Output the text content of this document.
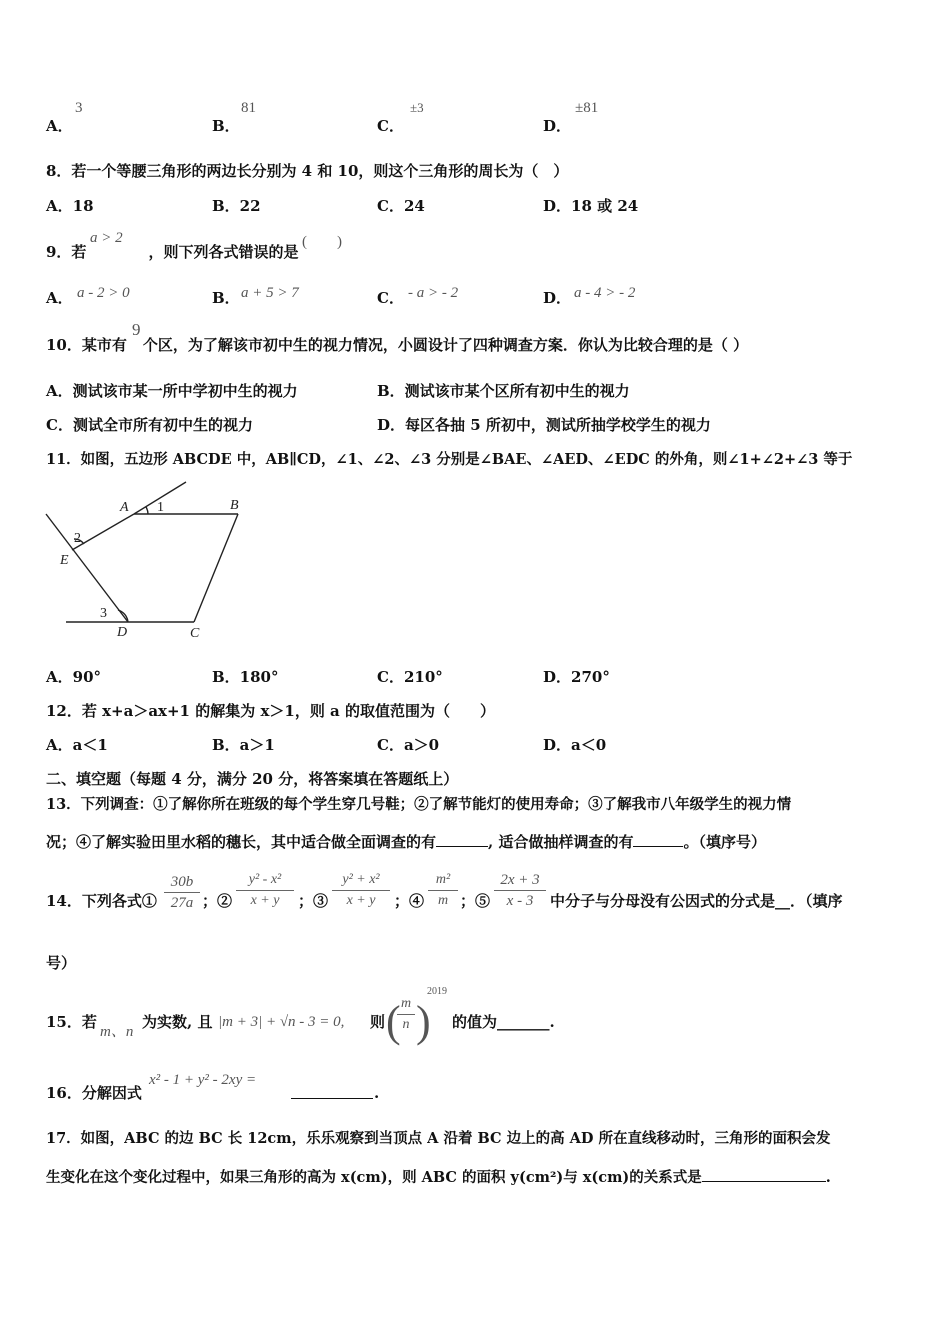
A．
3
B．
81
C．
±3
D．
±81
8．若一个等腰三角形的两边长分别为 4 和 10，则这个三角形的周长为（　）
A．18	B．22	C．24	D．18 或 24
9．若	，则下列各式错误的是
a > 2	(　　)
A． a - 2 > 0	B． a + 5 > 7	C． - a > - 2	D． a - 4 > - 2
10．某市有 个区，为了解该市初中生的视力情况，小圆设计了四种调查方案．你认为比较合理的是（ ）
9
A．测试该市某一所中学初中生的视力	B．测试该市某个区所有初中生的视力
C．测试全市所有初中生的视力	D．每区各抽 5 所初中，测试所抽学校学生的视力
11．如图，五边形 ABCDE 中，AB∥CD，∠1、∠2、∠3 分别是∠BAE、∠AED、∠EDC 的外角，则∠1+∠2+∠3 等于
A	B
C
D
E
1
2
3
A．90°	B．180°	C．210°	D．270°
12．若 x+a＞ax+1 的解集为 x＞1，则 a 的取值范围为（　　）
A．a＜1	B．a＞1	C．a＞0	D．a＜0
二、填空题（每题 4 分，满分 20 分，将答案填在答题纸上）
13．下列调查：①了解你所在班级的每个学生穿几号鞋；②了解节能灯的使用寿命；③了解我市八年级学生的视力情
况；④了解实验田里水稻的穗长，其中适合做全面调查的有	, 适合做抽样调查的有	。（填序号）
14．下列各式① $\frac{30b}{27a}$ ；② $\frac{\text{y² - x²}}{x + y}$ ；③ $\frac{\text{y² + x²}}{x + y}$ ；④ $\frac{\text{m²}}{m}$ ；⑤ $\frac{2x + 3}{x - 3}$ 中分子与分母没有公因式的分式是__．（填序
号）
15．若
m、n
为实数, 且 |m + 3| + √n - 3 = 0, 则 (
$\frac{m}{n}$ )
2019
的值为_______.
16．分解因式
x² - 1 + y² - 2xy =
.
17．如图，ABC 的边 BC 长 12cm，乐乐观察到当顶点 A 沿着 BC 边上的高 AD 所在直线移动时，三角形的面积会发
生变化在这个变化过程中，如果三角形的高为 x(cm)，则 ABC 的面积 y(cm²)与 x(cm)的关系式是	.
